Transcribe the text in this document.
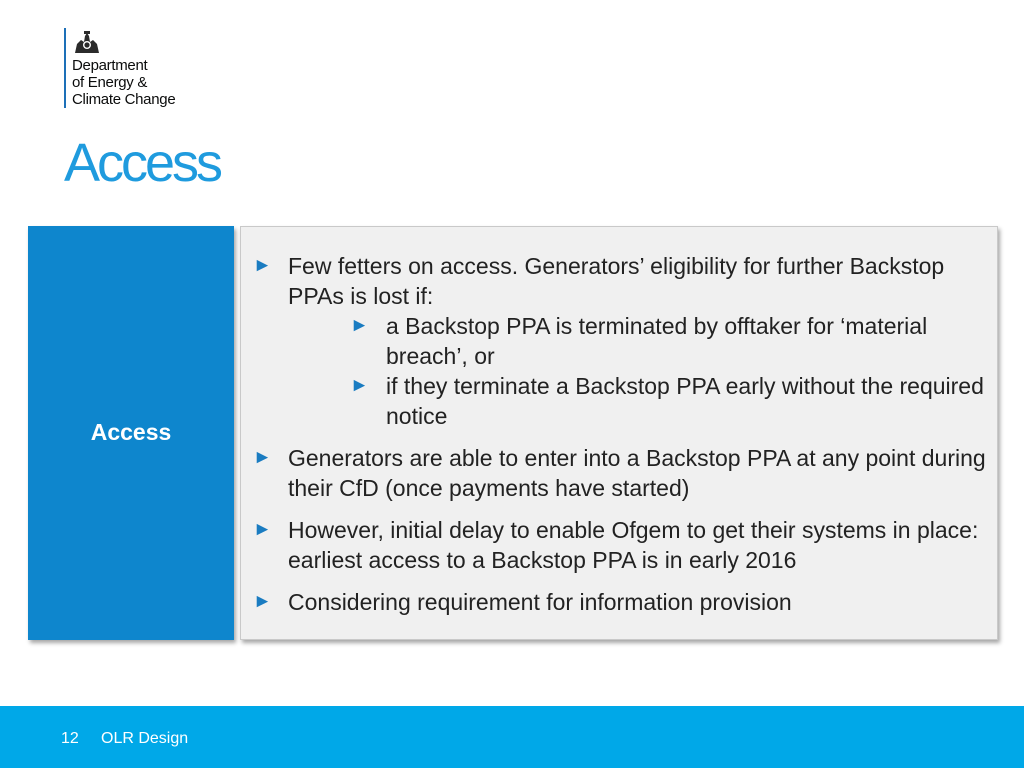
Department
of Energy &
Climate Change
Access
Access
► Few fetters on access. Generators’ eligibility for further Backstop PPAs is lost if:
► a Backstop PPA is terminated by offtaker for ‘material breach’, or
► if they terminate a Backstop PPA early without the required notice
► Generators are able to enter into a Backstop PPA at any point during their CfD (once payments have started)
► However, initial delay to enable Ofgem to get their systems in place: earliest access to a Backstop PPA is in early 2016
► Considering requirement for information provision
12 OLR Design
